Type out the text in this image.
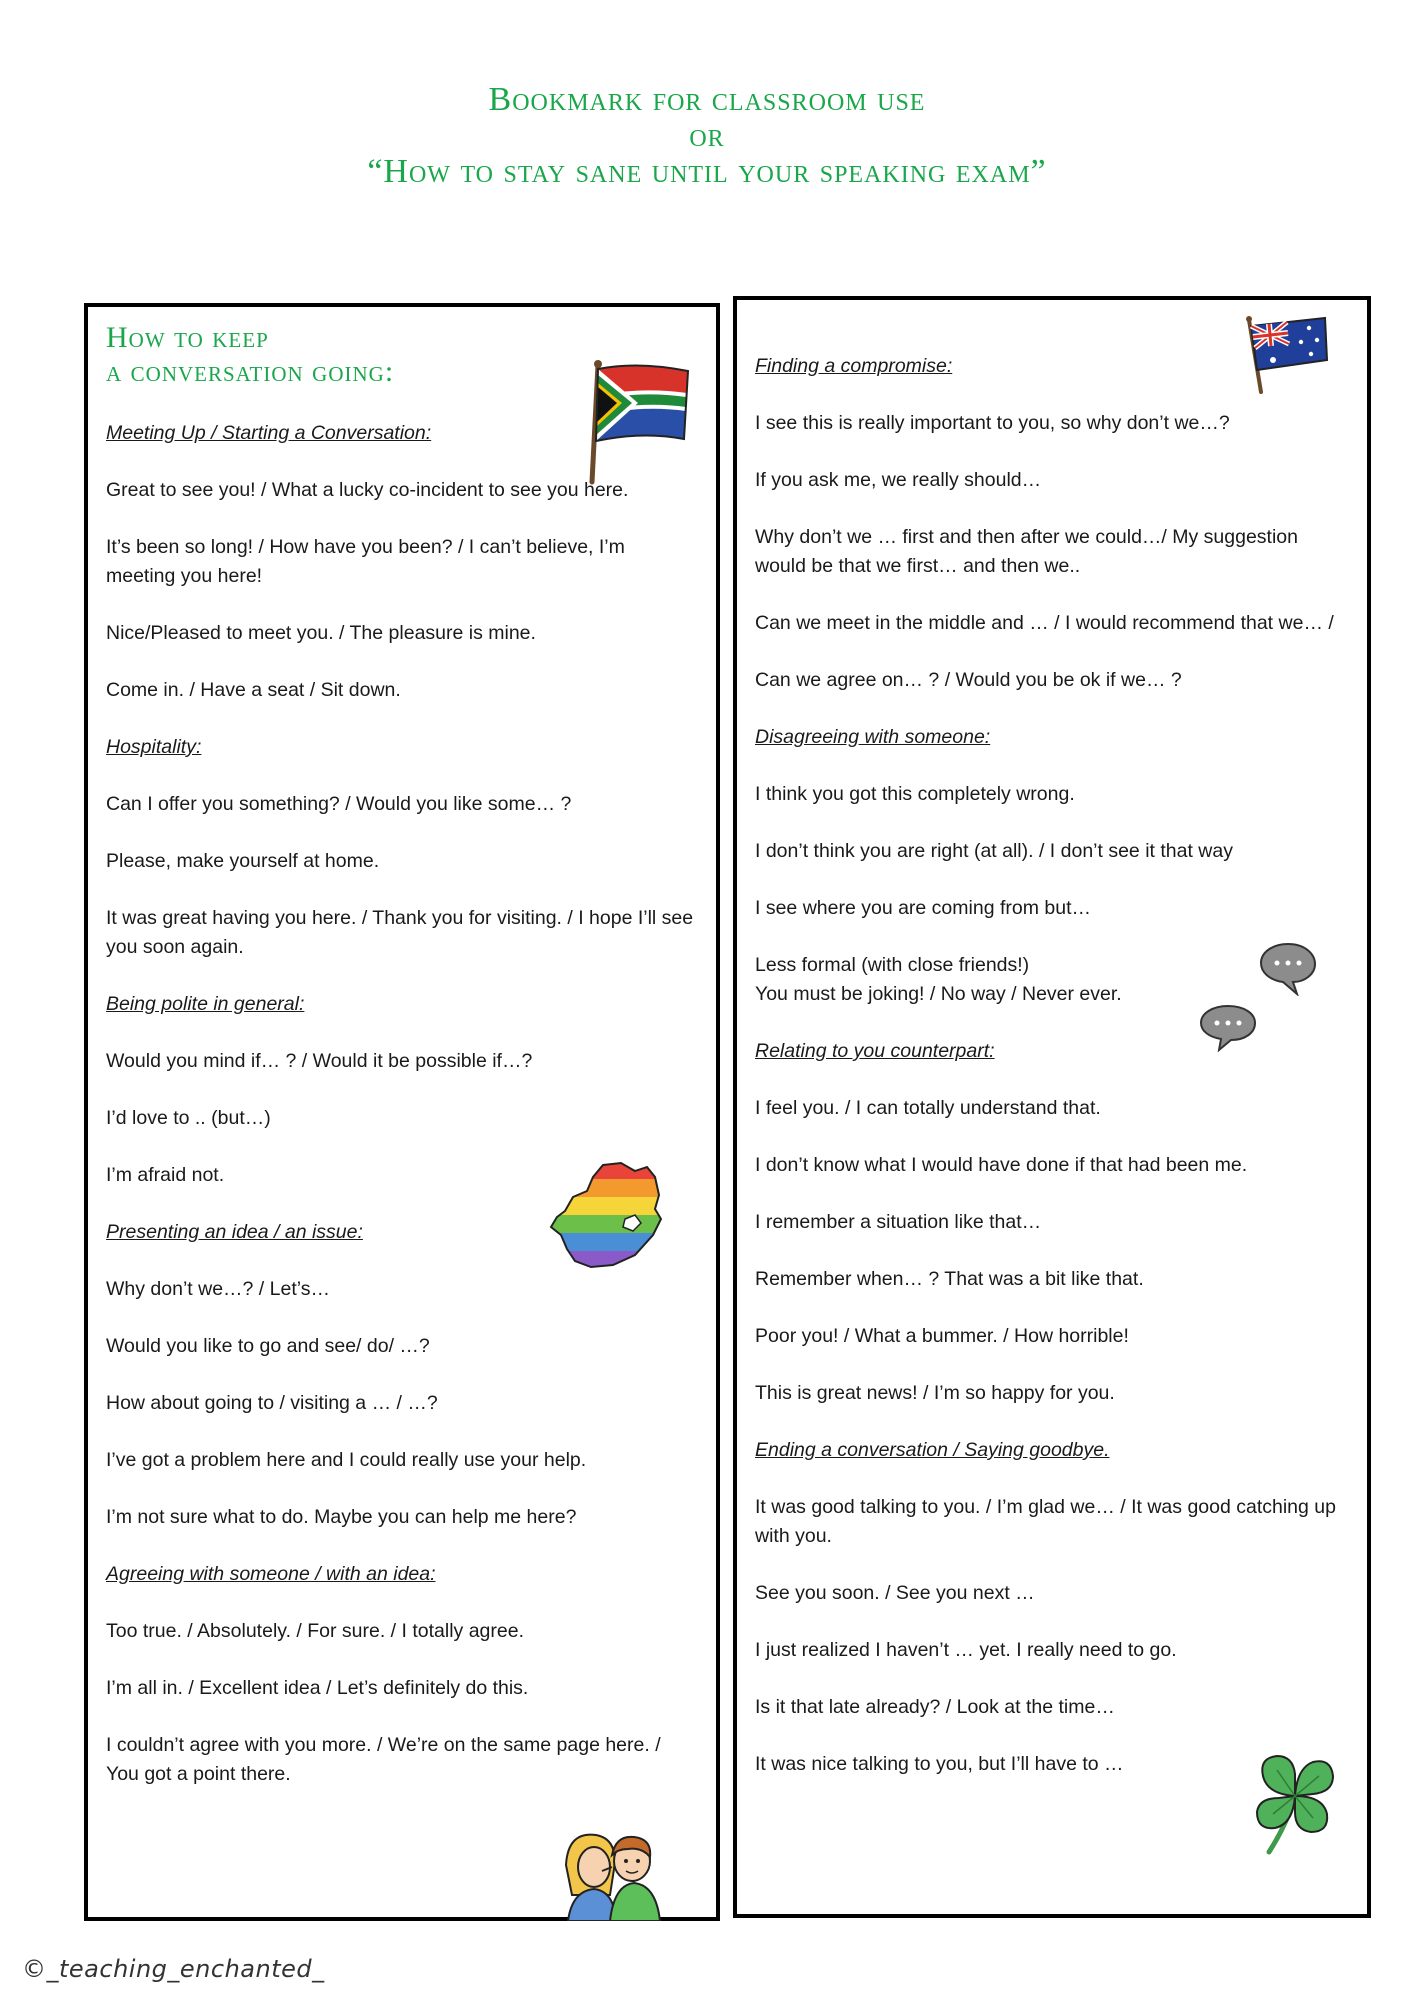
Bookmark for classroom use
or
“How to stay sane until your speaking exam”
How to keep
a conversation going:

Meeting Up / Starting a Conversation:

Great to see you! / What a lucky co-incident to see you here.

It’s been so long! / How have you been? / I can’t believe, I’m meeting you here!

Nice/Pleased to meet you. / The pleasure is mine.

Come in. / Have a seat / Sit down.

Hospitality:

Can I offer you something? / Would you like some… ?

Please, make yourself at home.

It was great having you here. / Thank you for visiting. / I hope I’ll see you soon again.

Being polite in general:

Would you mind if… ? / Would it be possible if…?

I’d love to .. (but…)

I’m afraid not.

Presenting an idea / an issue:

Why don’t we…? / Let’s…

Would you like to go and see/ do/ …?

How about going to / visiting a … / …?

I’ve got a problem here and I could really use your help.

I’m not sure what to do. Maybe you can help me here?

Agreeing with someone / with an idea:

Too true. / Absolutely. / For sure. / I totally agree.

I’m all in. / Excellent idea / Let’s definitely do this.

I couldn’t agree with you more. / We’re on the same page here. / You got a point there.

Finding a compromise:

I see this is really important to you, so why don’t we…?

If you ask me, we really should…

Why don’t we … first and then after we could…/ My suggestion would be that we first… and then we..

Can we meet in the middle and … / I would recommend that we… /

Can we agree on… ? / Would you be ok if we… ?

Disagreeing with someone:

I think you got this completely wrong.

I don’t think you are right (at all). / I don’t see it that way

I see where you are coming from but…

Less formal (with close friends!)
You must be joking! / No way / Never ever.

Relating to you counterpart:

I feel you. / I can totally understand that.

I don’t know what I would have done if that had been me.

I remember a situation like that…

Remember when… ? That was a bit like that.

Poor you! / What a bummer. / How horrible!

This is great news! / I’m so happy for you.

Ending a conversation / Saying goodbye.

It was good talking to you. / I’m glad we… / It was good catching up with you.

See you soon. / See you next …

I just realized I haven’t … yet. I really need to go.

Is it that late already? / Look at the time…

It was nice talking to you, but I’ll have to …

©_teaching_enchanted_
